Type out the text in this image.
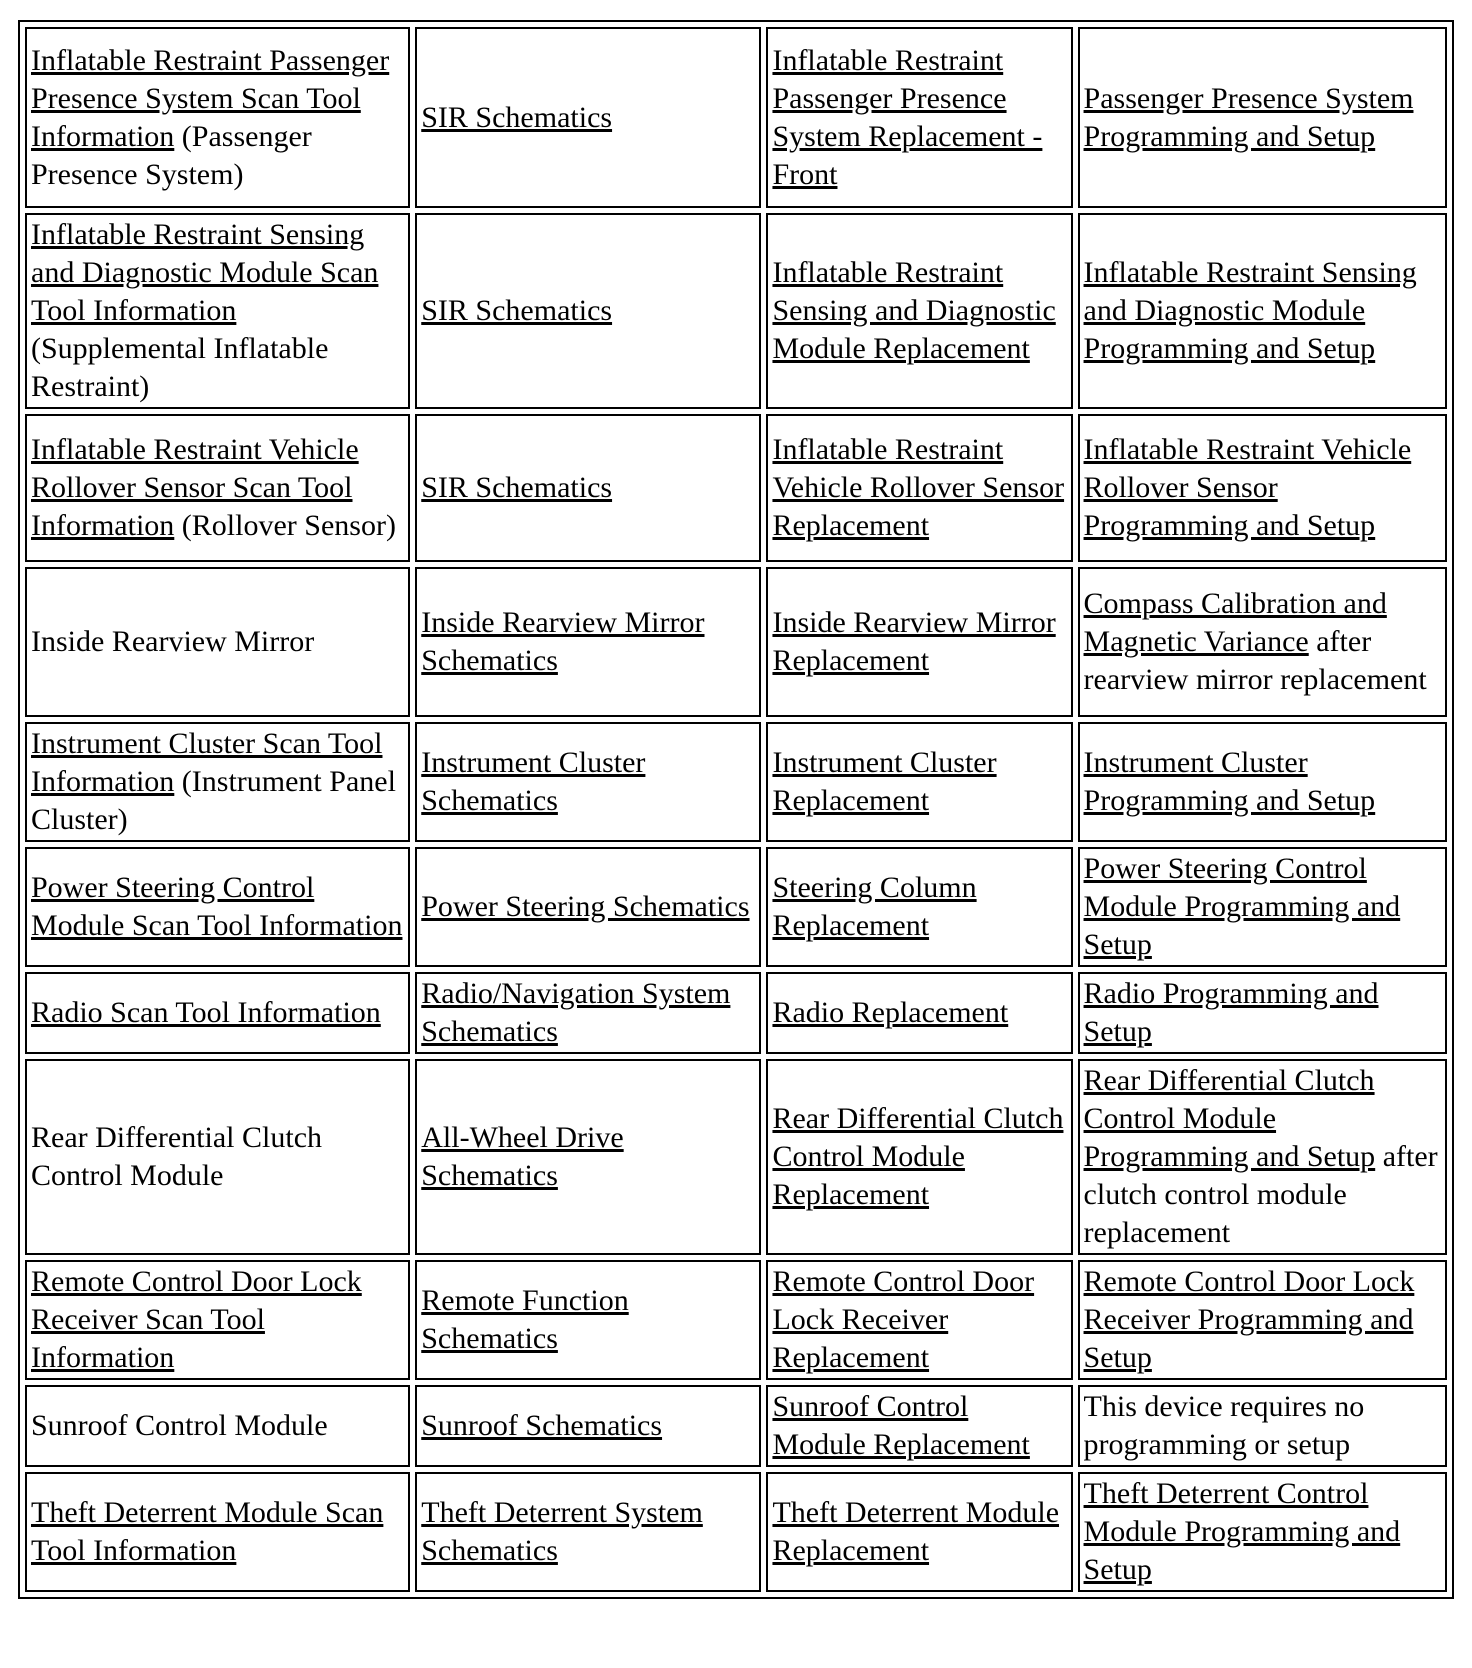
Inflatable Restraint Passenger Presence System Scan Tool Information (Passenger Presence System)	SIR Schematics	Inflatable Restraint Passenger Presence System Replacement - Front	Passenger Presence System Programming and Setup
Inflatable Restraint Sensing and Diagnostic Module Scan Tool Information (Supplemental Inflatable Restraint)	SIR Schematics	Inflatable Restraint Sensing and Diagnostic Module Replacement	Inflatable Restraint Sensing and Diagnostic Module Programming and Setup
Inflatable Restraint Vehicle Rollover Sensor Scan Tool Information (Rollover Sensor)	SIR Schematics	Inflatable Restraint Vehicle Rollover Sensor Replacement	Inflatable Restraint Vehicle Rollover Sensor Programming and Setup
Inside Rearview Mirror	Inside Rearview Mirror Schematics	Inside Rearview Mirror Replacement	Compass Calibration and Magnetic Variance after rearview mirror replacement
Instrument Cluster Scan Tool Information (Instrument Panel Cluster)	Instrument Cluster Schematics	Instrument Cluster Replacement	Instrument Cluster Programming and Setup
Power Steering Control Module Scan Tool Information	Power Steering Schematics	Steering Column Replacement	Power Steering Control Module Programming and Setup
Radio Scan Tool Information	Radio/Navigation System Schematics	Radio Replacement	Radio Programming and Setup
Rear Differential Clutch Control Module	All-Wheel Drive Schematics	Rear Differential Clutch Control Module Replacement	Rear Differential Clutch Control Module Programming and Setup after clutch control module replacement
Remote Control Door Lock Receiver Scan Tool Information	Remote Function Schematics	Remote Control Door Lock Receiver Replacement	Remote Control Door Lock Receiver Programming and Setup
Sunroof Control Module	Sunroof Schematics	Sunroof Control Module Replacement	This device requires no programming or setup
Theft Deterrent Module Scan Tool Information	Theft Deterrent System Schematics	Theft Deterrent Module Replacement	Theft Deterrent Control Module Programming and Setup
